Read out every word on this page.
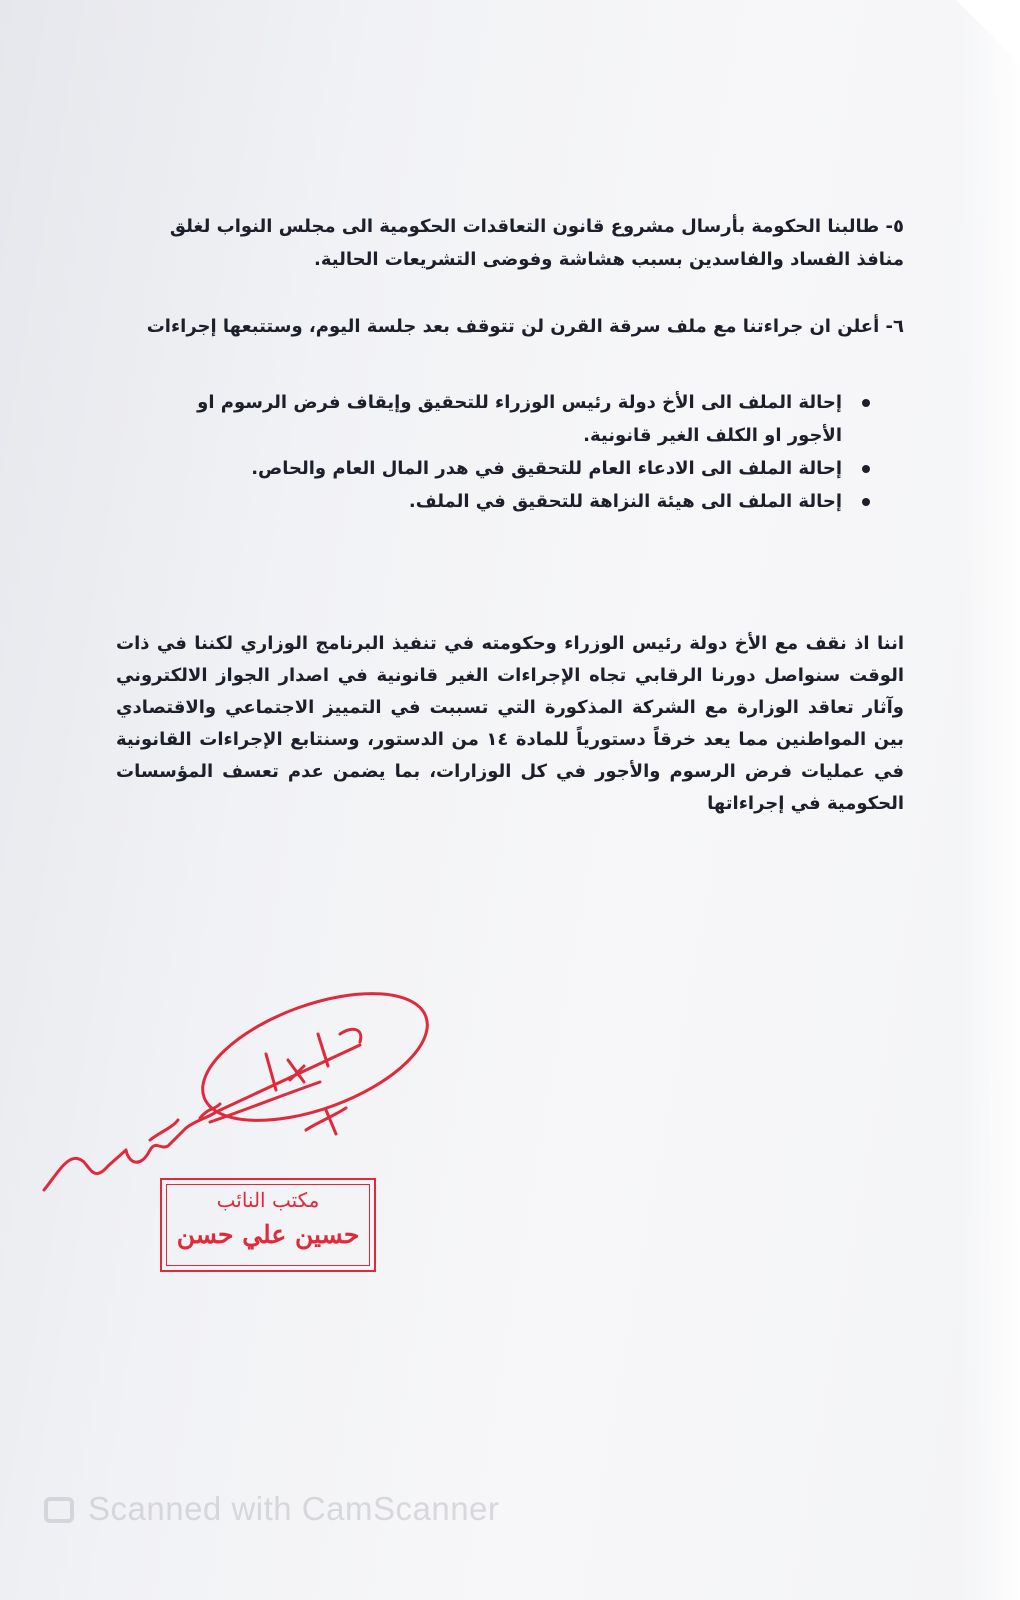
٥- طالبنا الحكومة بأرسال مشروع قانون التعاقدات الحكومية الى مجلس النواب لغلق منافذ الفساد والفاسدين بسبب هشاشة وفوضى التشريعات الحالية.
٦- أعلن ان جراءتنا مع ملف سرقة القرن لن تتوقف بعد جلسة اليوم، وستتبعها إجراءات
إحالة الملف الى الأخ دولة رئيس الوزراء للتحقيق وإيقاف فرض الرسوم او الأجور او الكلف الغير قانونية.
إحالة الملف الى الادعاء العام للتحقيق في هدر المال العام والحاص.
إحالة الملف الى هيئة النزاهة للتحقيق في الملف.
اننا اذ نقف مع الأخ دولة رئيس الوزراء وحكومته في تنفيذ البرنامج الوزاري لكننا في ذات الوقت سنواصل دورنا الرقابي تجاه الإجراءات الغير قانونية في اصدار الجواز الالكتروني وآثار تعاقد الوزارة مع الشركة المذكورة التي تسببت في التمييز الاجتماعي والاقتصادي بين المواطنين مما يعد خرقاً دستورياً للمادة ١٤ من الدستور، وسنتابع الإجراءات القانونية في عمليات فرض الرسوم والأجور في كل الوزارات، بما يضمن عدم تعسف المؤسسات الحكومية في إجراءاتها
٨/١٢
مكتب النائب
حسين علي حسن
Scanned with CamScanner
